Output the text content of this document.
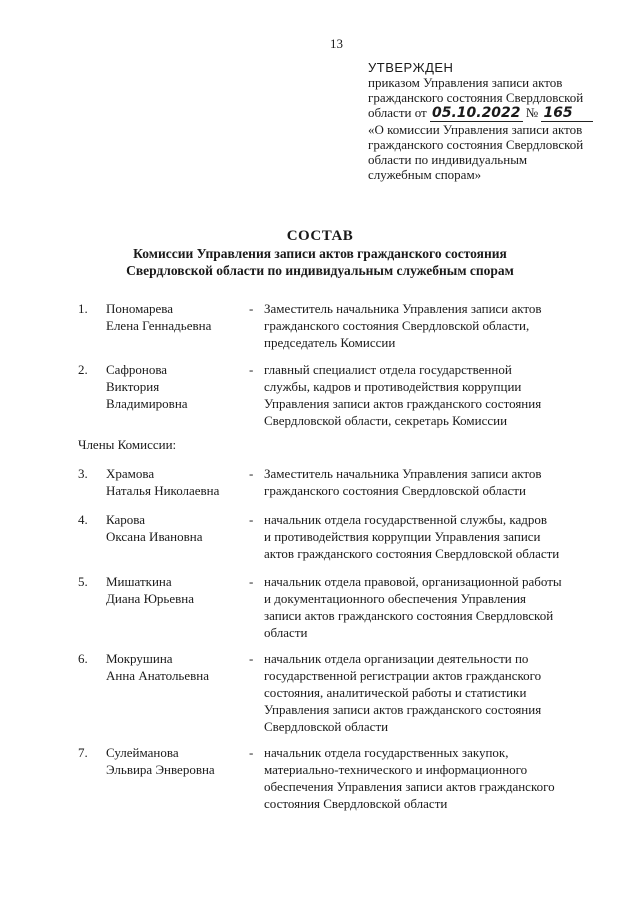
13
УТВЕРЖДЕН
приказом Управления записи актов
гражданского состояния Свердловской
области от 05.10.2022 № 165
«О комиссии Управления записи актов
гражданского состояния Свердловской
области по индивидуальным
служебным спорам»
СОСТАВ
Комиссии Управления записи актов гражданского состояния
Свердловской области по индивидуальным служебным спорам
Члены Комиссии:
1. Пономарева
Елена Геннадьевна
- Заместитель начальника Управления записи актов
гражданского состояния Свердловской области,
председатель Комиссии
2. Сафронова
Виктория
Владимировна
- главный специалист отдела государственной
службы, кадров и противодействия коррупции
Управления записи актов гражданского состояния
Свердловской области, секретарь Комиссии
3. Храмова
Наталья Николаевна
- Заместитель начальника Управления записи актов
гражданского состояния Свердловской области
4. Карова
Оксана Ивановна
- начальник отдела государственной службы, кадров
и противодействия коррупции Управления записи
актов гражданского состояния Свердловской области
5. Мишаткина
Диана Юрьевна
- начальник отдела правовой, организационной работы
и документационного обеспечения Управления
записи актов гражданского состояния Свердловской
области
6. Мокрушина
Анна Анатольевна
- начальник отдела организации деятельности по
государственной регистрации актов гражданского
состояния, аналитической работы и статистики
Управления записи актов гражданского состояния
Свердловской области
7. Сулейманова
Эльвира Энверовна
- начальник отдела государственных закупок,
материально-технического и информационного
обеспечения Управления записи актов гражданского
состояния Свердловской области
